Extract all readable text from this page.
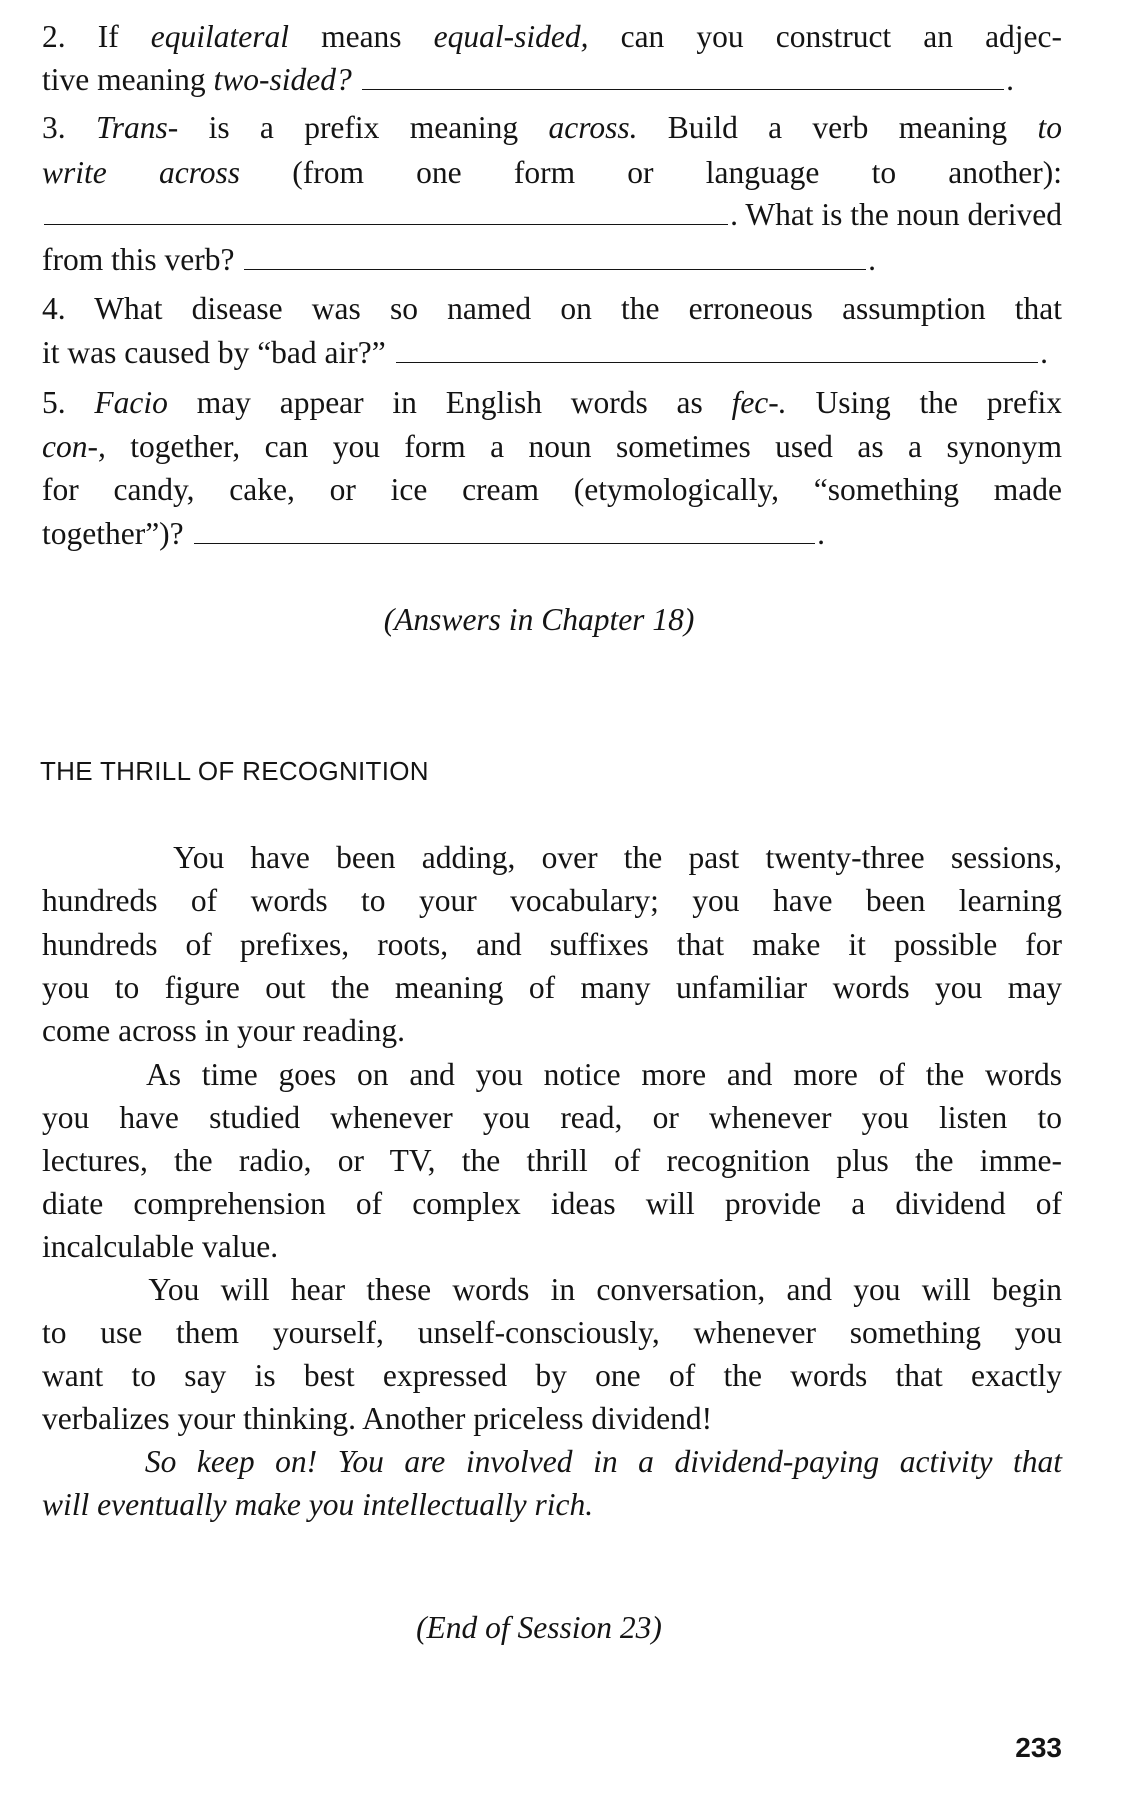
2. If equilateral means equal-sided, can you construct an adjec-
tive meaning two-sided?
	.
3. Trans- is a prefix meaning across. Build a verb meaning to
write across (from one form or language to another):
. What is the noun derived
from this verb?	.
4. What disease was so named on the erroneous assumption that
it was caused by “bad air?”	.
5. Facio may appear in English words as fec-. Using the prefix
con-, together, can you form a noun sometimes used as a synonym
for candy, cake, or ice cream (etymologically, “something made
together”)?	.
(Answers in Chapter 18)
THE THRILL OF RECOGNITION
You have been adding, over the past twenty-three sessions,
hundreds of words to your vocabulary; you have been learning
hundreds of prefixes, roots, and suffixes that make it possible for
you to figure out the meaning of many unfamiliar words you may
come across in your reading.
As time goes on and you notice more and more of the words
you have studied whenever you read, or whenever you listen to
lectures, the radio, or TV, the thrill of recognition plus the imme-
diate comprehension of complex ideas will provide a dividend of
incalculable value.
You will hear these words in conversation, and you will begin
to use them yourself, unself-consciously, whenever something you
want to say is best expressed by one of the words that exactly
verbalizes your thinking. Another priceless dividend!
So keep on! You are involved in a dividend-paying activity that
will eventually make you intellectually rich.
(End of Session 23)
233
